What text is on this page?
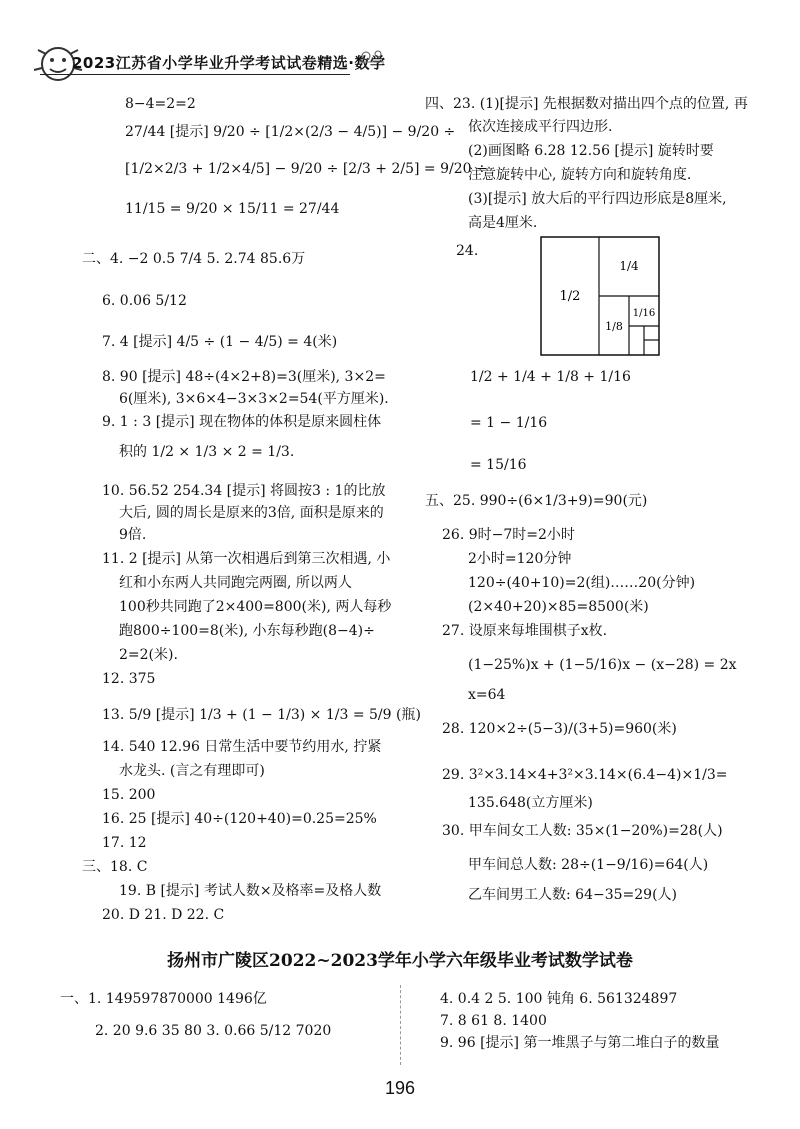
2023江苏省小学毕业升学考试试卷精选·数学
8−4=2=2
27/44 [提示] 9/20 ÷ [1/2×(2/3 − 4/5)] − 9/20 ÷
[1/2×2/3 + 1/2×4/5] − 9/20 ÷ [2/3 + 2/5] = 9/20 ÷
11/15 = 9/20 × 15/11 = 27/44
二、4. −2 0.5 7/4 5. 2.74 85.6万
6. 0.06 5/12
7. 4 [提示] 4/5 ÷ (1 − 4/5) = 4(米)
8. 90 [提示] 48÷(4×2+8)=3(厘米), 3×2=
6(厘米), 3×6×4−3×3×2=54(平方厘米).
9. 1 : 3 [提示] 现在物体的体积是原来圆柱体
积的 1/2 × 1/3 × 2 = 1/3.
10. 56.52 254.34 [提示] 将圆按3 : 1的比放
大后, 圆的周长是原来的3倍, 面积是原来的
9倍.
11. 2 [提示] 从第一次相遇后到第三次相遇, 小
红和小东两人共同跑完两圈, 所以两人
100秒共同跑了2×400=800(米), 两人每秒
跑800÷100=8(米), 小东每秒跑(8−4)÷
2=2(米).
12. 375
13. 5/9 [提示] 1/3 + (1 − 1/3) × 1/3 = 5/9 (瓶)
14. 540 12.96 日常生活中要节约用水, 拧紧
水龙头. (言之有理即可)
15. 200
16. 25 [提示] 40÷(120+40)=0.25=25%
17. 12
三、18. C
19. B [提示] 考试人数×及格率=及格人数
20. D 21. D 22. C
四、23. (1)[提示] 先根据数对描出四个点的位置, 再
依次连接成平行四边形.
(2)画图略 6.28 12.56 [提示] 旋转时要
注意旋转中心, 旋转方向和旋转角度.
(3)[提示] 放大后的平行四边形底是8厘米,
高是4厘米.
24.
1/2 + 1/4 + 1/8 + 1/16
= 1 − 1/16
= 15/16
五、25. 990÷(6×1/3+9)=90(元)
26. 9时−7时=2小时
2小时=120分钟
120÷(40+10)=2(组)……20(分钟)
(2×40+20)×85=8500(米)
27. 设原来每堆围棋子x枚.
(1−25%)x + (1−5/16)x − (x−28) = 2x
x=64
28. 120×2÷(5−3)/(3+5)=960(米)
29. 3²×3.14×4+3²×3.14×(6.4−4)×1/3=
135.648(立方厘米)
30. 甲车间女工人数: 35×(1−20%)=28(人)
甲车间总人数: 28÷(1−9/16)=64(人)
乙车间男工人数: 64−35=29(人)
1/2
1/4
1/8
1/16
扬州市广陵区2022~2023学年小学六年级毕业考试数学试卷
一、1. 149597870000 1496亿
2. 20 9.6 35 80 3. 0.66 5/12 7020
4. 0.4 2 5. 100 钝角 6. 561324897
7. 8 61 8. 1400
9. 96 [提示] 第一堆黑子与第二堆白子的数量
196
